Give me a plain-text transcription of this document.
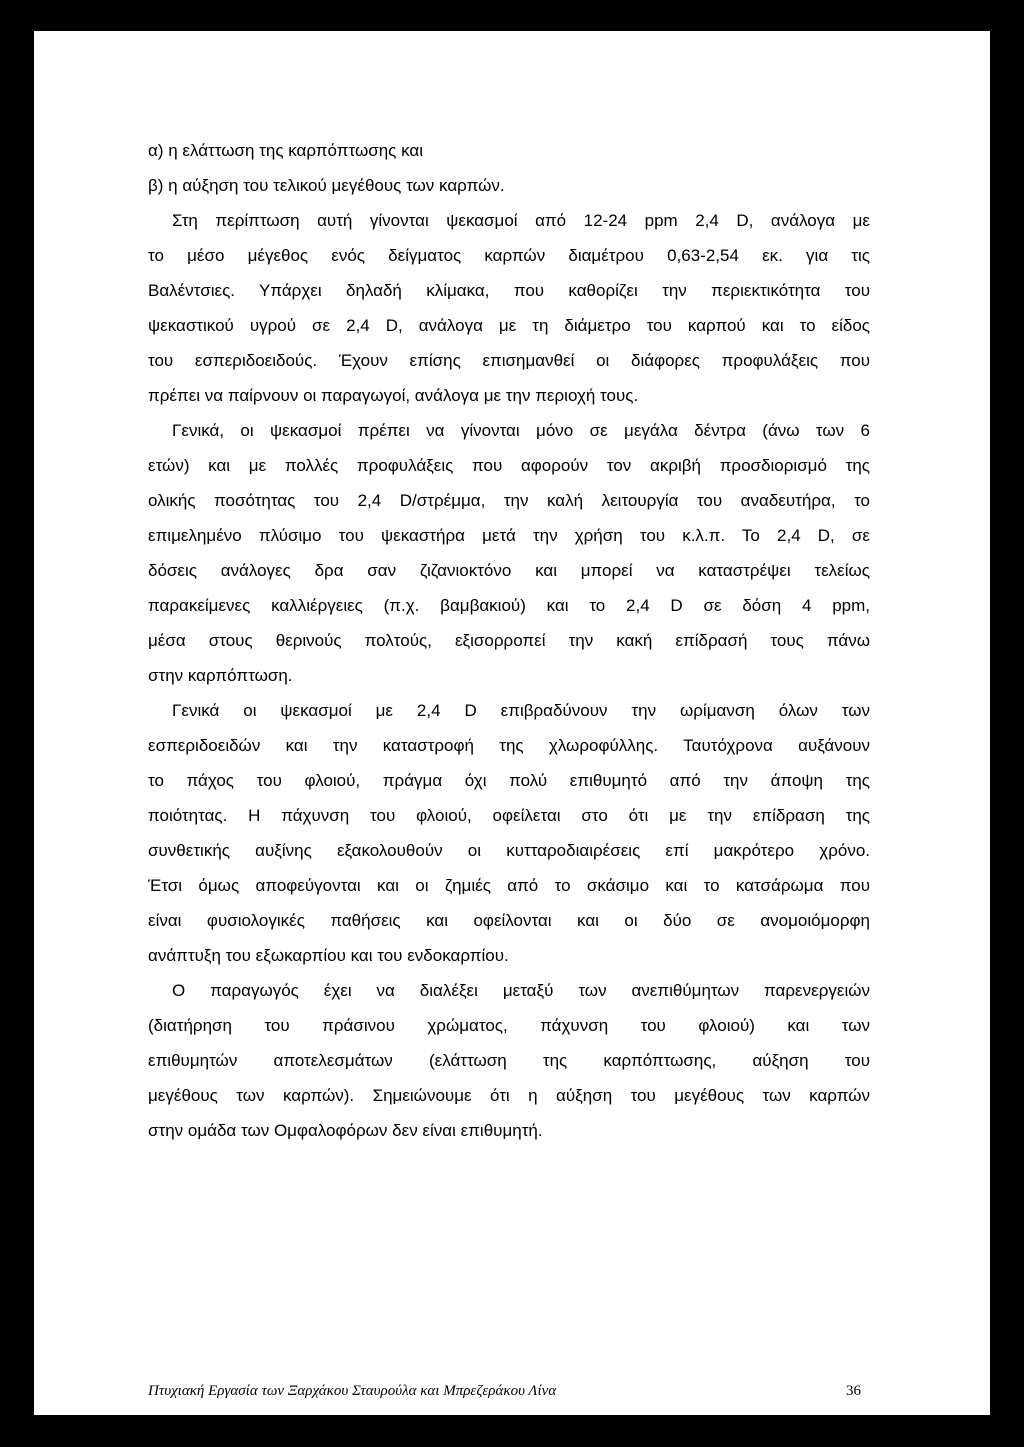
α) η ελάττωση της καρπόπτωσης και
β) η αύξηση του τελικού μεγέθους των καρπών.
Στη περίπτωση αυτή γίνονται ψεκασμοί από 12-24 ppm 2,4 D, ανάλογα με
το μέσο μέγεθος ενός δείγματος καρπών διαμέτρου 0,63-2,54 εκ. για τις
Βαλέντσιες. Υπάρχει δηλαδή κλίμακα, που καθορίζει την περιεκτικότητα του
ψεκαστικού υγρού σε 2,4 D, ανάλογα με τη διάμετρο του καρπού και το είδος
του εσπεριδοειδούς. Έχουν επίσης επισημανθεί οι διάφορες προφυλάξεις που
πρέπει να παίρνουν οι παραγωγοί, ανάλογα με την περιοχή τους.
Γενικά, οι ψεκασμοί πρέπει να γίνονται μόνο σε μεγάλα δέντρα (άνω των 6
ετών) και με πολλές προφυλάξεις που αφορούν τον ακριβή προσδιορισμό της
ολικής ποσότητας του 2,4 D/στρέμμα, την καλή λειτουργία του αναδευτήρα, το
επιμελημένο πλύσιμο του ψεκαστήρα μετά την χρήση του κ.λ.π. Το 2,4 D, σε
δόσεις ανάλογες δρα σαν ζιζανιοκτόνο και μπορεί να καταστρέψει τελείως
παρακείμενες καλλιέργειες (π.χ. βαμβακιού) και το 2,4 D σε δόση 4 ppm,
μέσα στους θερινούς πολτούς, εξισορροπεί την κακή επίδρασή τους πάνω
στην καρπόπτωση.
Γενικά οι ψεκασμοί με 2,4 D επιβραδύνουν την ωρίμανση όλων των
εσπεριδοειδών και την καταστροφή της χλωροφύλλης. Ταυτόχρονα αυξάνουν
το πάχος του φλοιού, πράγμα όχι πολύ επιθυμητό από την άποψη της
ποιότητας. Η πάχυνση του φλοιού, οφείλεται στο ότι με την επίδραση της
συνθετικής αυξίνης εξακολουθούν οι κυτταροδιαιρέσεις επί μακρότερο χρόνο.
Έτσι όμως αποφεύγονται και οι ζημιές από το σκάσιμο και το κατσάρωμα που
είναι φυσιολογικές παθήσεις και οφείλονται και οι δύο σε ανομοιόμορφη
ανάπτυξη του εξωκαρπίου και του ενδοκαρπίου.
Ο παραγωγός έχει να διαλέξει μεταξύ των ανεπιθύμητων παρενεργειών
(διατήρηση του πράσινου χρώματος, πάχυνση του φλοιού) και των
επιθυμητών αποτελεσμάτων (ελάττωση της καρπόπτωσης, αύξηση του
μεγέθους των καρπών). Σημειώνουμε ότι η αύξηση του μεγέθους των καρπών
στην ομάδα των Ομφαλοφόρων δεν είναι επιθυμητή.
Πτυχιακή Εργασία των Ξαρχάκου Σταυρούλα και Μπρεζεράκου Λίνα	36
